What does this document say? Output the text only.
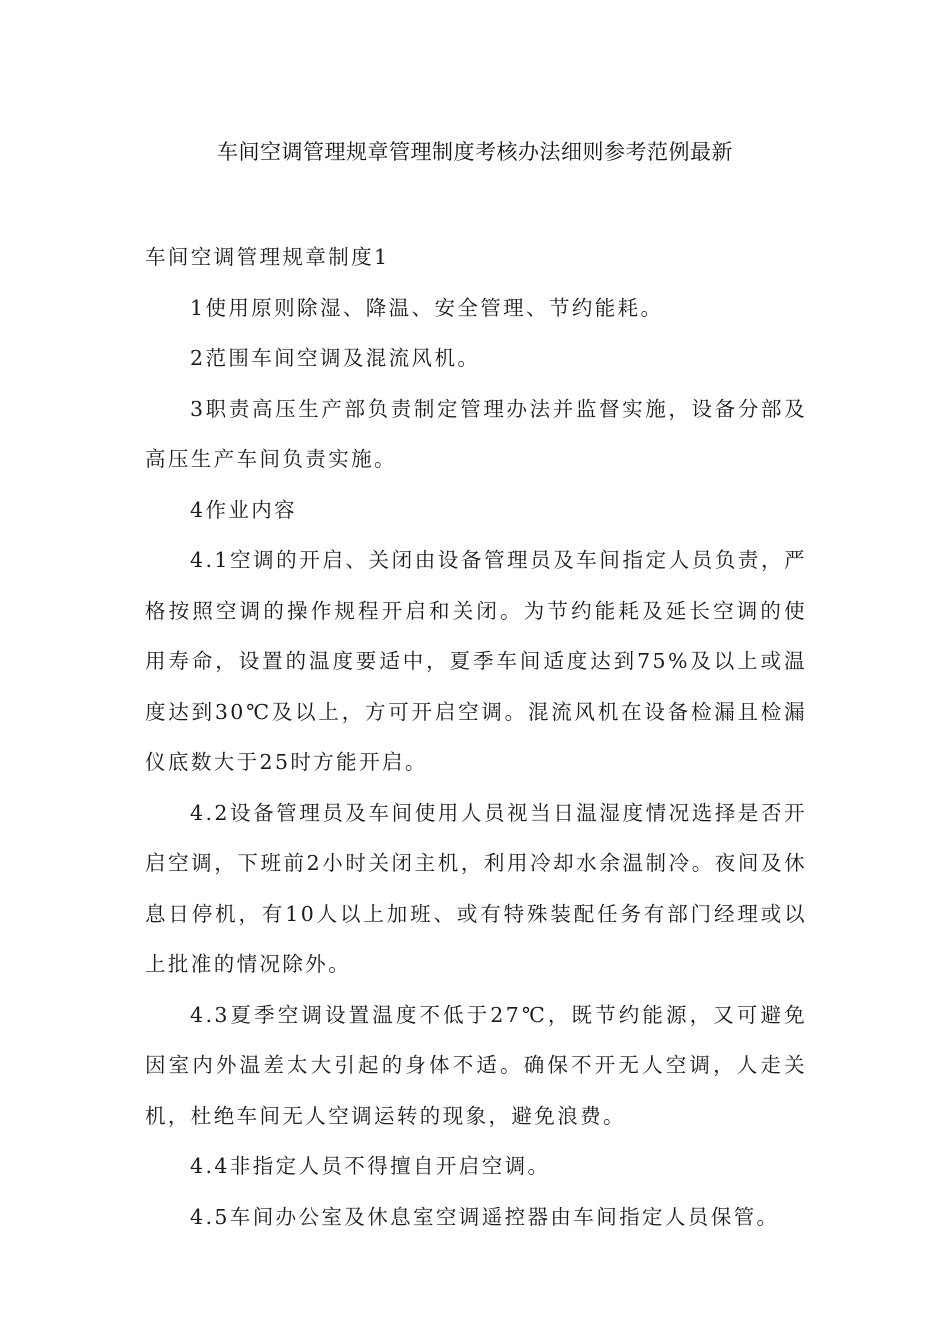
车间空调管理规章管理制度考核办法细则参考范例最新

车间空调管理规章制度1

1使用原则除湿、降温、安全管理、节约能耗。

2范围车间空调及混流风机。

3职责高压生产部负责制定管理办法并监督实施，设备分部及高压生产车间负责实施。

4作业内容

4.1空调的开启、关闭由设备管理员及车间指定人员负责，严格按照空调的操作规程开启和关闭。为节约能耗及延长空调的使用寿命，设置的温度要适中，夏季车间适度达到75%及以上或温度达到30℃及以上，方可开启空调。混流风机在设备检漏且检漏仪底数大于25时方能开启。

4.2设备管理员及车间使用人员视当日温湿度情况选择是否开启空调，下班前2小时关闭主机，利用冷却水余温制冷。夜间及休息日停机，有10人以上加班、或有特殊装配任务有部门经理或以上批准的情况除外。

4.3夏季空调设置温度不低于27℃，既节约能源，又可避免因室内外温差太大引起的身体不适。确保不开无人空调，人走关机，杜绝车间无人空调运转的现象，避免浪费。

4.4非指定人员不得擅自开启空调。

4.5车间办公室及休息室空调遥控器由车间指定人员保管。
